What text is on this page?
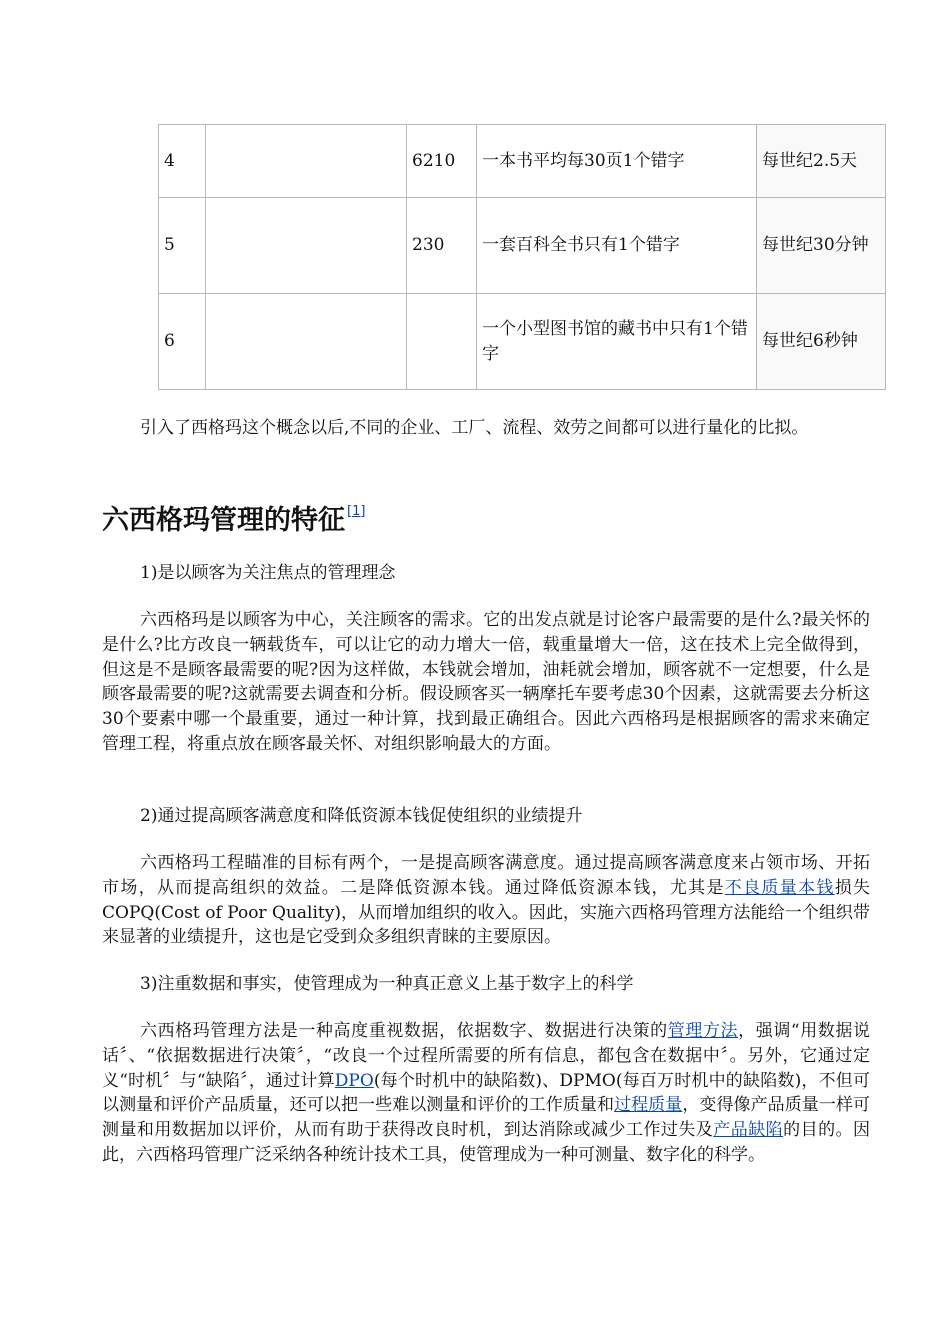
4		6210	一本书平均每30页1个错字	每世纪2.5天
5		230	一套百科全书只有1个错字	每世纪30分钟
6			一个小型图书馆的藏书中只有1个错字	每世纪6秒钟

引入了西格玛这个概念以后,不同的企业、工厂、流程、效劳之间都可以进行量化的比拟。

六西格玛管理的特征 [1]

1)是以顾客为关注焦点的管理理念

六西格玛是以顾客为中心，关注顾客的需求。它的出发点就是讨论客户最需要的是什么?最关怀的是什么?比方改良一辆载货车，可以让它的动力增大一倍，载重量增大一倍，这在技术上完全做得到，但这是不是顾客最需要的呢?因为这样做，本钱就会增加，油耗就会增加，顾客就不一定想要，什么是顾客最需要的呢?这就需要去调查和分析。假设顾客买一辆摩托车要考虑30个因素，这就需要去分析这30个要素中哪一个最重要，通过一种计算，找到最正确组合。因此六西格玛是根据顾客的需求来确定管理工程，将重点放在顾客最关怀、对组织影响最大的方面。

2)通过提高顾客满意度和降低资源本钱促使组织的业绩提升

六西格玛工程瞄准的目标有两个，一是提高顾客满意度。通过提高顾客满意度来占领市场、开拓市场，从而提高组织的效益。二是降低资源本钱。通过降低资源本钱，尤其是不良质量本钱损失COPQ(Cost of Poor Quality)，从而增加组织的收入。因此，实施六西格玛管理方法能给一个组织带来显著的业绩提升，这也是它受到众多组织青睐的主要原因。

3)注重数据和事实，使管理成为一种真正意义上基于数字上的科学

六西格玛管理方法是一种高度重视数据，依据数字、数据进行决策的管理方法，强调“用数据说话〞、“依据数据进行决策〞，“改良一个过程所需要的所有信息，都包含在数据中〞。另外，它通过定义“时机〞与“缺陷〞，通过计算DPO(每个时机中的缺陷数)、DPMO(每百万时机中的缺陷数)，不但可以测量和评价产品质量，还可以把一些难以测量和评价的工作质量和过程质量，变得像产品质量一样可测量和用数据加以评价，从而有助于获得改良时机，到达消除或减少工作过失及产品缺陷的目的。因此，六西格玛管理广泛采纳各种统计技术工具，使管理成为一种可测量、数字化的科学。
